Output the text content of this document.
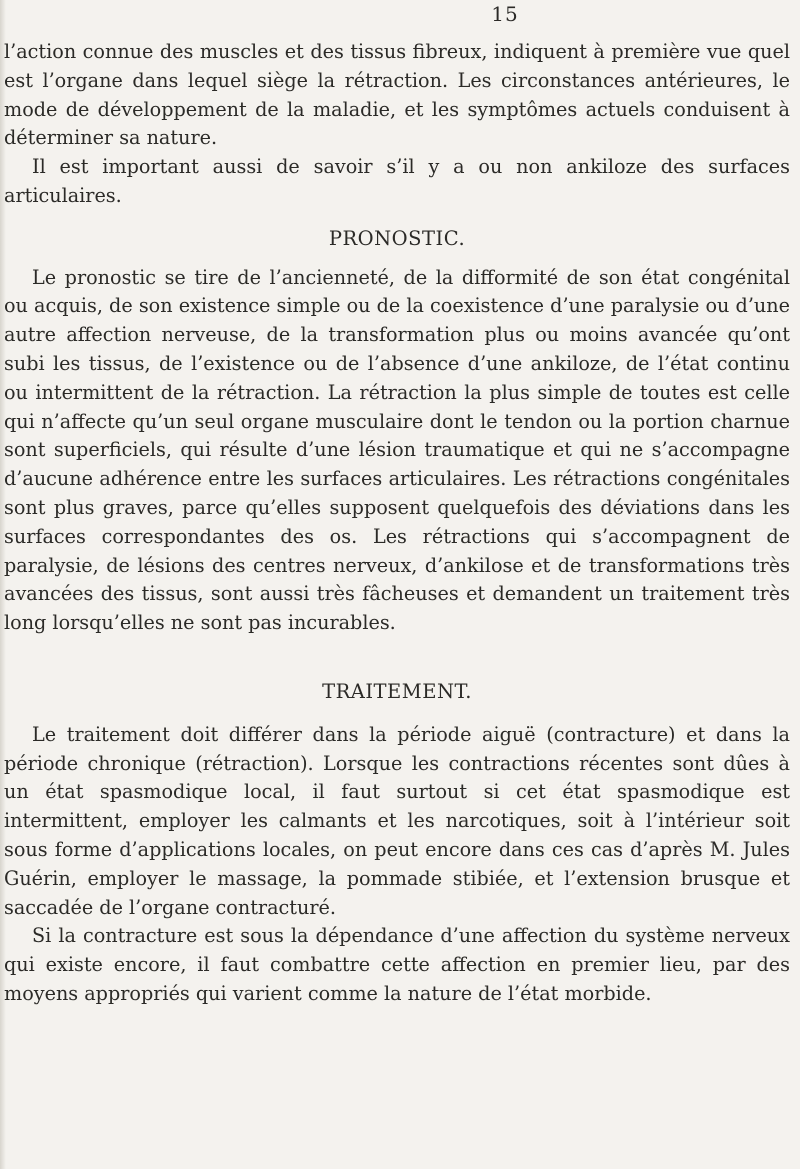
15

l’action connue des muscles et des tissus fibreux, indiquent à première vue quel est l’organe dans lequel siège la rétraction. Les circonstances antérieures, le mode de développement de la maladie, et les symptômes actuels conduisent à déterminer sa nature.

Il est important aussi de savoir s’il y a ou non ankiloze des surfaces articulaires.

PRONOSTIC.

Le pronostic se tire de l’ancienneté, de la difformité de son état congénital ou acquis, de son existence simple ou de la coexistence d’une paralysie ou d’une autre affection nerveuse, de la transformation plus ou moins avancée qu’ont subi les tissus, de l’existence ou de l’absence d’une ankiloze, de l’état continu ou intermittent de la rétraction. La rétraction la plus simple de toutes est celle qui n’affecte qu’un seul organe musculaire dont le tendon ou la portion charnue sont superficiels, qui résulte d’une lésion traumatique et qui ne s’accompagne d’aucune adhérence entre les surfaces articulaires. Les rétractions congénitales sont plus graves, parce qu’elles supposent quelquefois des déviations dans les surfaces correspondantes des os. Les rétractions qui s’accompagnent de paralysie, de lésions des centres nerveux, d’ankilose et de transformations très avancées des tissus, sont aussi très fâcheuses et demandent un traitement très long lorsqu’elles ne sont pas incurables.

TRAITEMENT.

Le traitement doit différer dans la période aiguë (contracture) et dans la période chronique (rétraction). Lorsque les contractions récentes sont dûes à un état spasmodique local, il faut surtout si cet état spasmodique est intermittent, employer les calmants et les narcotiques, soit à l’intérieur soit sous forme d’applications locales, on peut encore dans ces cas d’après M. Jules Guérin, employer le massage, la pommade stibiée, et l’extension brusque et saccadée de l’organe contracturé.

Si la contracture est sous la dépendance d’une affection du système nerveux qui existe encore, il faut combattre cette affection en premier lieu, par des moyens appropriés qui varient comme la nature de l’état morbide.
